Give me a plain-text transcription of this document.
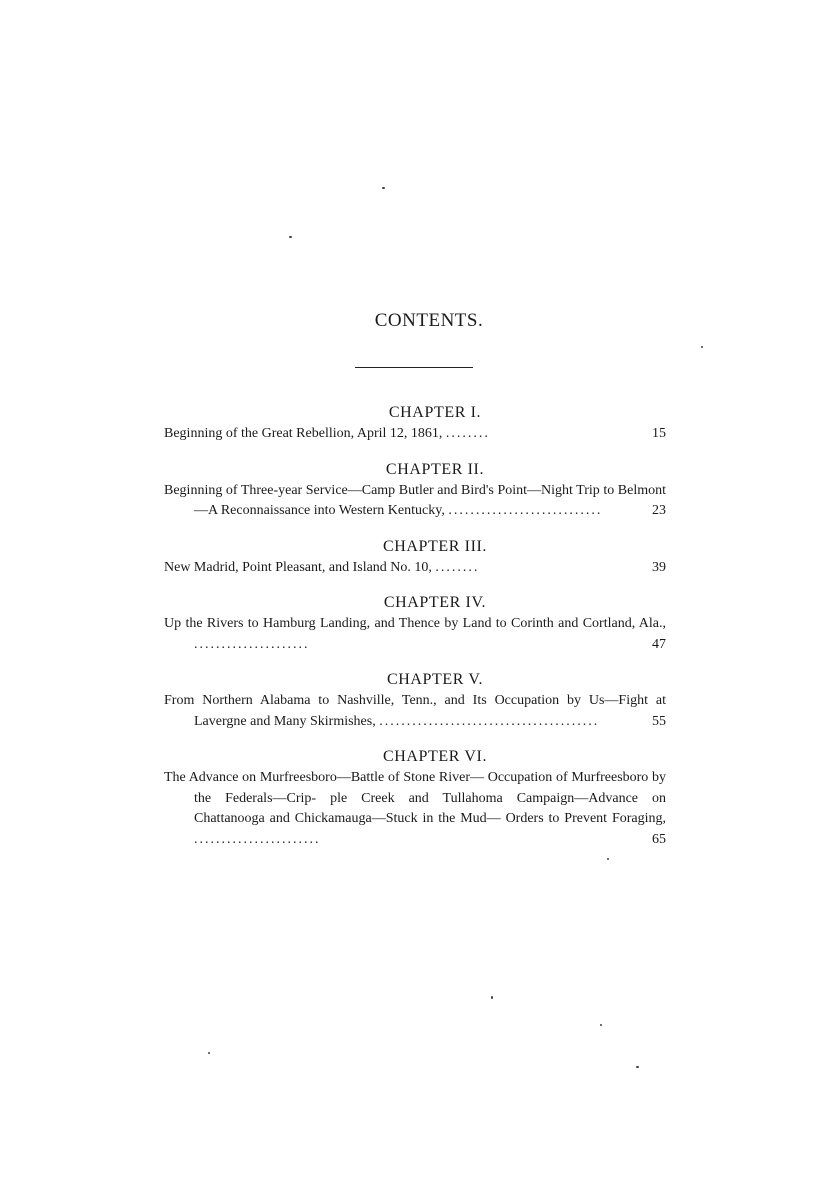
CONTENTS.
CHAPTER I.
Beginning of the Great Rebellion, April 12, 1861, ........	15
CHAPTER II.
Beginning of Three-year Service—Camp Butler and Bird's Point—Night Trip to Belmont—A Reconnaissance into Western Kentucky, ............................	23
CHAPTER III.
New Madrid, Point Pleasant, and Island No. 10, ........	39
CHAPTER IV.
Up the Rivers to Hamburg Landing, and Thence by Land to Corinth and Cortland, Ala., .....................	47
CHAPTER V.
From Northern Alabama to Nashville, Tenn., and Its Occupation by Us—Fight at Lavergne and Many Skirmishes, ........................................	55
CHAPTER VI.
The Advance on Murfreesboro—Battle of Stone River— Occupation of Murfreesboro by the Federals—Crip- ple Creek and Tullahoma Campaign—Advance on Chattanooga and Chickamauga—Stuck in the Mud— Orders to Prevent Foraging, .......................	65
